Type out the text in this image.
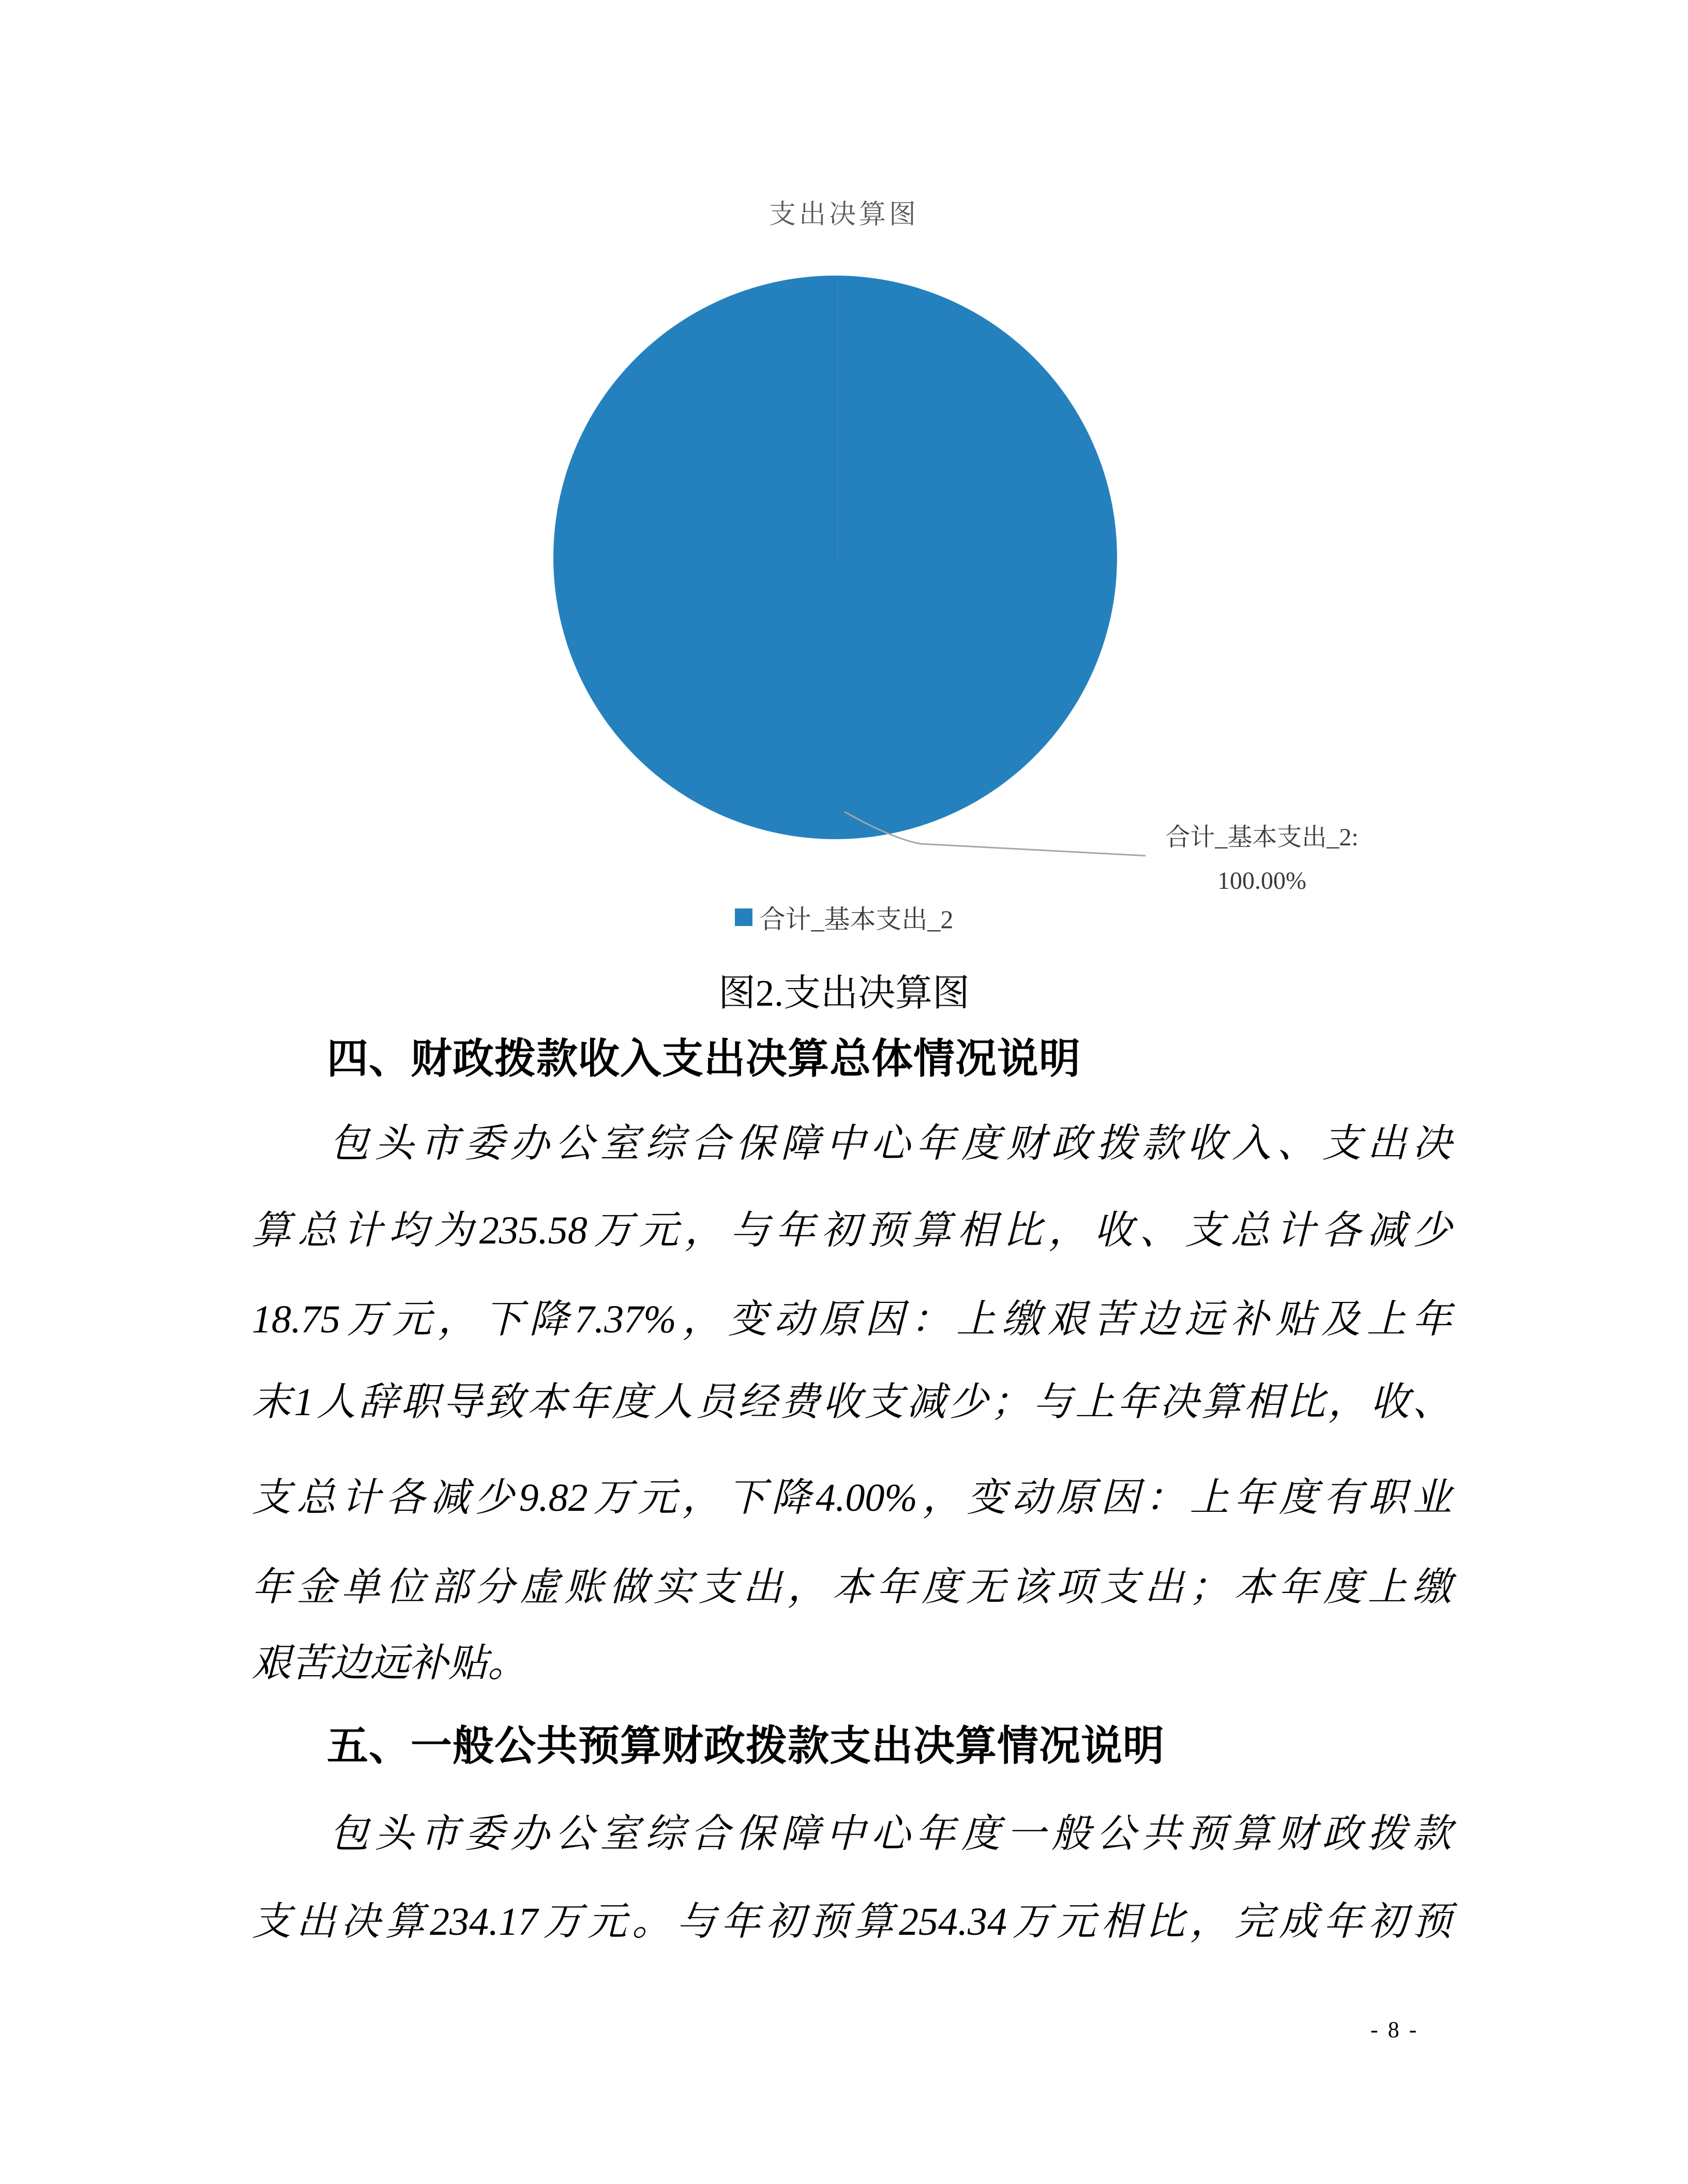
支出决算图
合计_基本支出_2:
100.00%
合计_基本支出_2
图2.支出决算图
四、财政拨款收入支出决算总体情况说明
包头市委办公室综合保障中心年度财政拨款收入、支出决
算总计均为235.58万元，与年初预算相比，收、支总计各减少
18.75万元，下降7.37%，变动原因：上缴艰苦边远补贴及上年
末1人辞职导致本年度人员经费收支减少；与上年决算相比，收、
支总计各减少9.82万元，下降4.00%，变动原因：上年度有职业
年金单位部分虚账做实支出，本年度无该项支出；本年度上缴
艰苦边远补贴。
五、一般公共预算财政拨款支出决算情况说明
包头市委办公室综合保障中心年度一般公共预算财政拨款
支出决算234.17万元。与年初预算254.34万元相比，完成年初预
- 8 -
